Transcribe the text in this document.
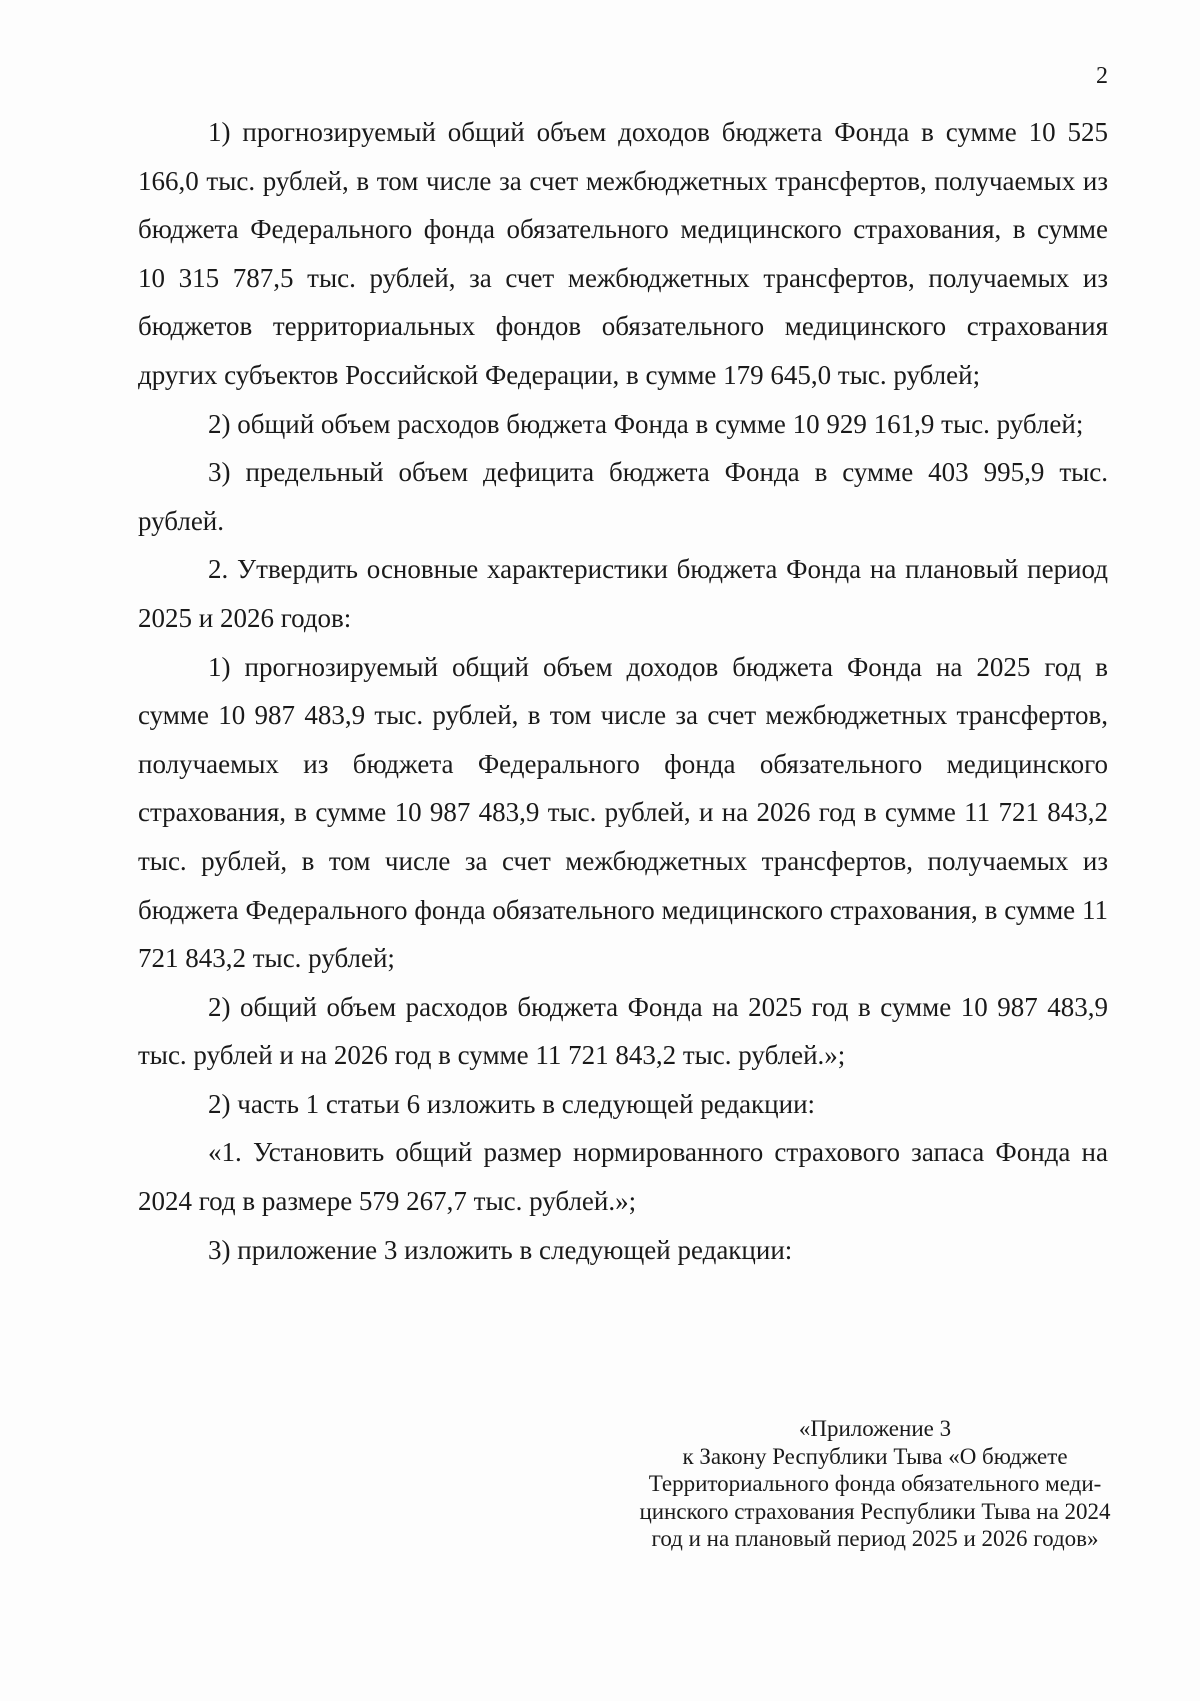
2

1) прогнозируемый общий объем доходов бюджета Фонда в сумме 10 525 166,0 тыс. рублей, в том числе за счет межбюджетных трансфертов, получаемых из бюджета Федерального фонда обязательного медицинского страхования, в сумме 10 315 787,5 тыс. рублей, за счет межбюджетных трансфертов, получаемых из бюджетов территориальных фондов обязательного медицинского страхования других субъектов Российской Федерации, в сумме 179 645,0 тыс. рублей;

2) общий объем расходов бюджета Фонда в сумме 10 929 161,9 тыс. рублей;

3) предельный объем дефицита бюджета Фонда в сумме 403 995,9 тыс. рублей.

2. Утвердить основные характеристики бюджета Фонда на плановый период 2025 и 2026 годов:

1) прогнозируемый общий объем доходов бюджета Фонда на 2025 год в сумме 10 987 483,9 тыс. рублей, в том числе за счет межбюджетных трансфертов, получаемых из бюджета Федерального фонда обязательного медицинского страхования, в сумме 10 987 483,9 тыс. рублей, и на 2026 год в сумме 11 721 843,2 тыс. рублей, в том числе за счет межбюджетных трансфертов, получаемых из бюджета Федерального фонда обязательного медицинского страхования, в сумме 11 721 843,2 тыс. рублей;

2) общий объем расходов бюджета Фонда на 2025 год в сумме 10 987 483,9 тыс. рублей и на 2026 год в сумме 11 721 843,2 тыс. рублей.»;

2) часть 1 статьи 6 изложить в следующей редакции:

«1. Установить общий размер нормированного страхового запаса Фонда на 2024 год в размере 579 267,7 тыс. рублей.»;

3) приложение 3 изложить в следующей редакции:

«Приложение 3
к Закону Республики Тыва «О бюджете
Территориального фонда обязательного меди-
цинского страхования Республики Тыва на 2024
год и на плановый период 2025 и 2026 годов»
